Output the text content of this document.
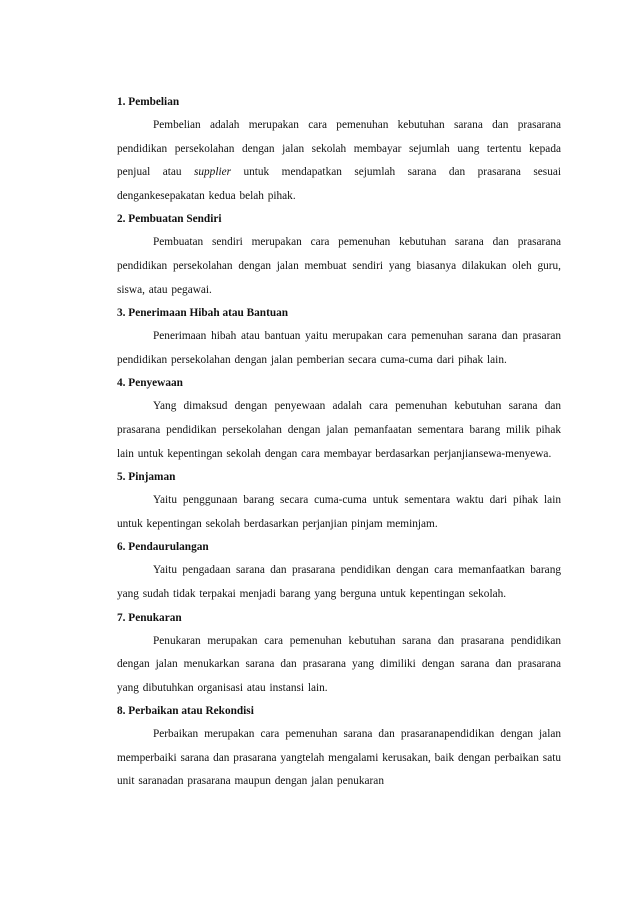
1. Pembelian

Pembelian adalah merupakan cara pemenuhan kebutuhan sarana dan prasarana pendidikan persekolahan dengan jalan sekolah membayar sejumlah uang tertentu kepada penjual atau supplier untuk mendapatkan sejumlah sarana dan prasarana sesuai dengankesepakatan kedua belah pihak.

2. Pembuatan Sendiri

Pembuatan sendiri merupakan cara pemenuhan kebutuhan sarana dan prasarana pendidikan persekolahan dengan jalan membuat sendiri yang biasanya dilakukan oleh guru, siswa, atau pegawai.

3. Penerimaan Hibah atau Bantuan

Penerimaan hibah atau bantuan yaitu merupakan cara pemenuhan sarana dan prasaran pendidikan persekolahan dengan jalan pemberian secara cuma-cuma dari pihak lain.

4. Penyewaan

Yang dimaksud dengan penyewaan adalah cara pemenuhan kebutuhan sarana dan prasarana pendidikan persekolahan dengan jalan pemanfaatan sementara barang milik pihak lain untuk kepentingan sekolah dengan cara membayar berdasarkan perjanjiansewa-menyewa.

5. Pinjaman

Yaitu penggunaan barang secara cuma-cuma untuk sementara waktu dari pihak lain untuk kepentingan sekolah berdasarkan perjanjian pinjam meminjam.

6. Pendaurulangan

Yaitu pengadaan sarana dan prasarana pendidikan dengan cara memanfaatkan barang yang sudah tidak terpakai menjadi barang yang berguna untuk kepentingan sekolah.

7. Penukaran

Penukaran merupakan cara pemenuhan kebutuhan sarana dan prasarana pendidikan dengan jalan menukarkan sarana dan prasarana yang dimiliki dengan sarana dan prasarana yang dibutuhkan organisasi atau instansi lain.

8. Perbaikan atau Rekondisi

Perbaikan merupakan cara pemenuhan sarana dan prasaranapendidikan dengan jalan memperbaiki sarana dan prasarana yangtelah mengalami kerusakan, baik dengan perbaikan satu unit saranadan prasarana maupun dengan jalan penukaran
